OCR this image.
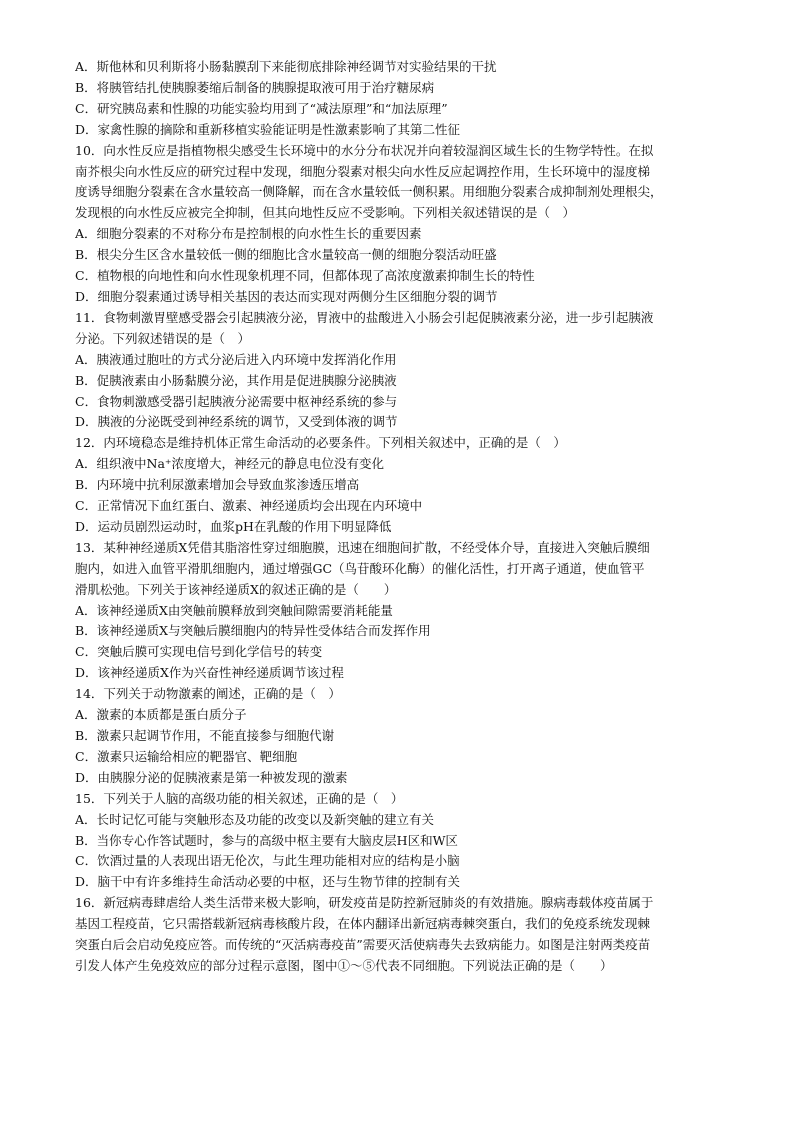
A．斯他林和贝利斯将小肠黏膜刮下来能彻底排除神经调节对实验结果的干扰
B．将胰管结扎使胰腺萎缩后制备的胰腺提取液可用于治疗糖尿病
C．研究胰岛素和性腺的功能实验均用到了“减法原理”和“加法原理”
D．家禽性腺的摘除和重新移植实验能证明是性激素影响了其第二性征
10．向水性反应是指植物根尖感受生长环境中的水分分布状况并向着较湿润区域生长的生物学特性。在拟
南芥根尖向水性反应的研究过程中发现，细胞分裂素对根尖向水性反应起调控作用，生长环境中的湿度梯
度诱导细胞分裂素在含水量较高一侧降解，而在含水量较低一侧积累。用细胞分裂素合成抑制剂处理根尖，
发现根的向水性反应被完全抑制，但其向地性反应不受影响。下列相关叙述错误的是（　）
A．细胞分裂素的不对称分布是控制根的向水性生长的重要因素
B．根尖分生区含水量较低一侧的细胞比含水量较高一侧的细胞分裂活动旺盛
C．植物根的向地性和向水性现象机理不同，但都体现了高浓度激素抑制生长的特性
D．细胞分裂素通过诱导相关基因的表达而实现对两侧分生区细胞分裂的调节
11．食物刺激胃壁感受器会引起胰液分泌，胃液中的盐酸进入小肠会引起促胰液素分泌，进一步引起胰液
分泌。下列叙述错误的是（　）
A．胰液通过胞吐的方式分泌后进入内环境中发挥消化作用
B．促胰液素由小肠黏膜分泌，其作用是促进胰腺分泌胰液
C．食物刺激感受器引起胰液分泌需要中枢神经系统的参与
D．胰液的分泌既受到神经系统的调节，又受到体液的调节
12．内环境稳态是维持机体正常生命活动的必要条件。下列相关叙述中，正确的是（　）
A．组织液中Na⁺浓度增大，神经元的静息电位没有变化
B．内环境中抗利尿激素增加会导致血浆渗透压增高
C．正常情况下血红蛋白、激素、神经递质均会出现在内环境中
D．运动员剧烈运动时，血浆pH在乳酸的作用下明显降低
13．某种神经递质X凭借其脂溶性穿过细胞膜，迅速在细胞间扩散，不经受体介导，直接进入突触后膜细
胞内，如进入血管平滑肌细胞内，通过增强GC（鸟苷酸环化酶）的催化活性，打开离子通道，使血管平
滑肌松弛。下列关于该神经递质X的叙述正确的是（　　）
A．该神经递质X由突触前膜释放到突触间隙需要消耗能量
B．该神经递质X与突触后膜细胞内的特异性受体结合而发挥作用
C．突触后膜可实现电信号到化学信号的转变
D．该神经递质X作为兴奋性神经递质调节该过程
14．下列关于动物激素的阐述，正确的是（　）
A．激素的本质都是蛋白质分子
B．激素只起调节作用，不能直接参与细胞代谢
C．激素只运输给相应的靶器官、靶细胞
D．由胰腺分泌的促胰液素是第一种被发现的激素
15．下列关于人脑的高级功能的相关叙述，正确的是（　）
A．长时记忆可能与突触形态及功能的改变以及新突触的建立有关
B．当你专心作答试题时，参与的高级中枢主要有大脑皮层H区和W区
C．饮酒过量的人表现出语无伦次，与此生理功能相对应的结构是小脑
D．脑干中有许多维持生命活动必要的中枢，还与生物节律的控制有关
16．新冠病毒肆虐给人类生活带来极大影响，研发疫苗是防控新冠肺炎的有效措施。腺病毒载体疫苗属于
基因工程疫苗，它只需搭载新冠病毒核酸片段，在体内翻译出新冠病毒棘突蛋白，我们的免疫系统发现棘
突蛋白后会启动免疫应答。而传统的“灭活病毒疫苗”需要灭活使病毒失去致病能力。如图是注射两类疫苗
引发人体产生免疫效应的部分过程示意图，图中①～⑤代表不同细胞。下列说法正确的是（　　）
